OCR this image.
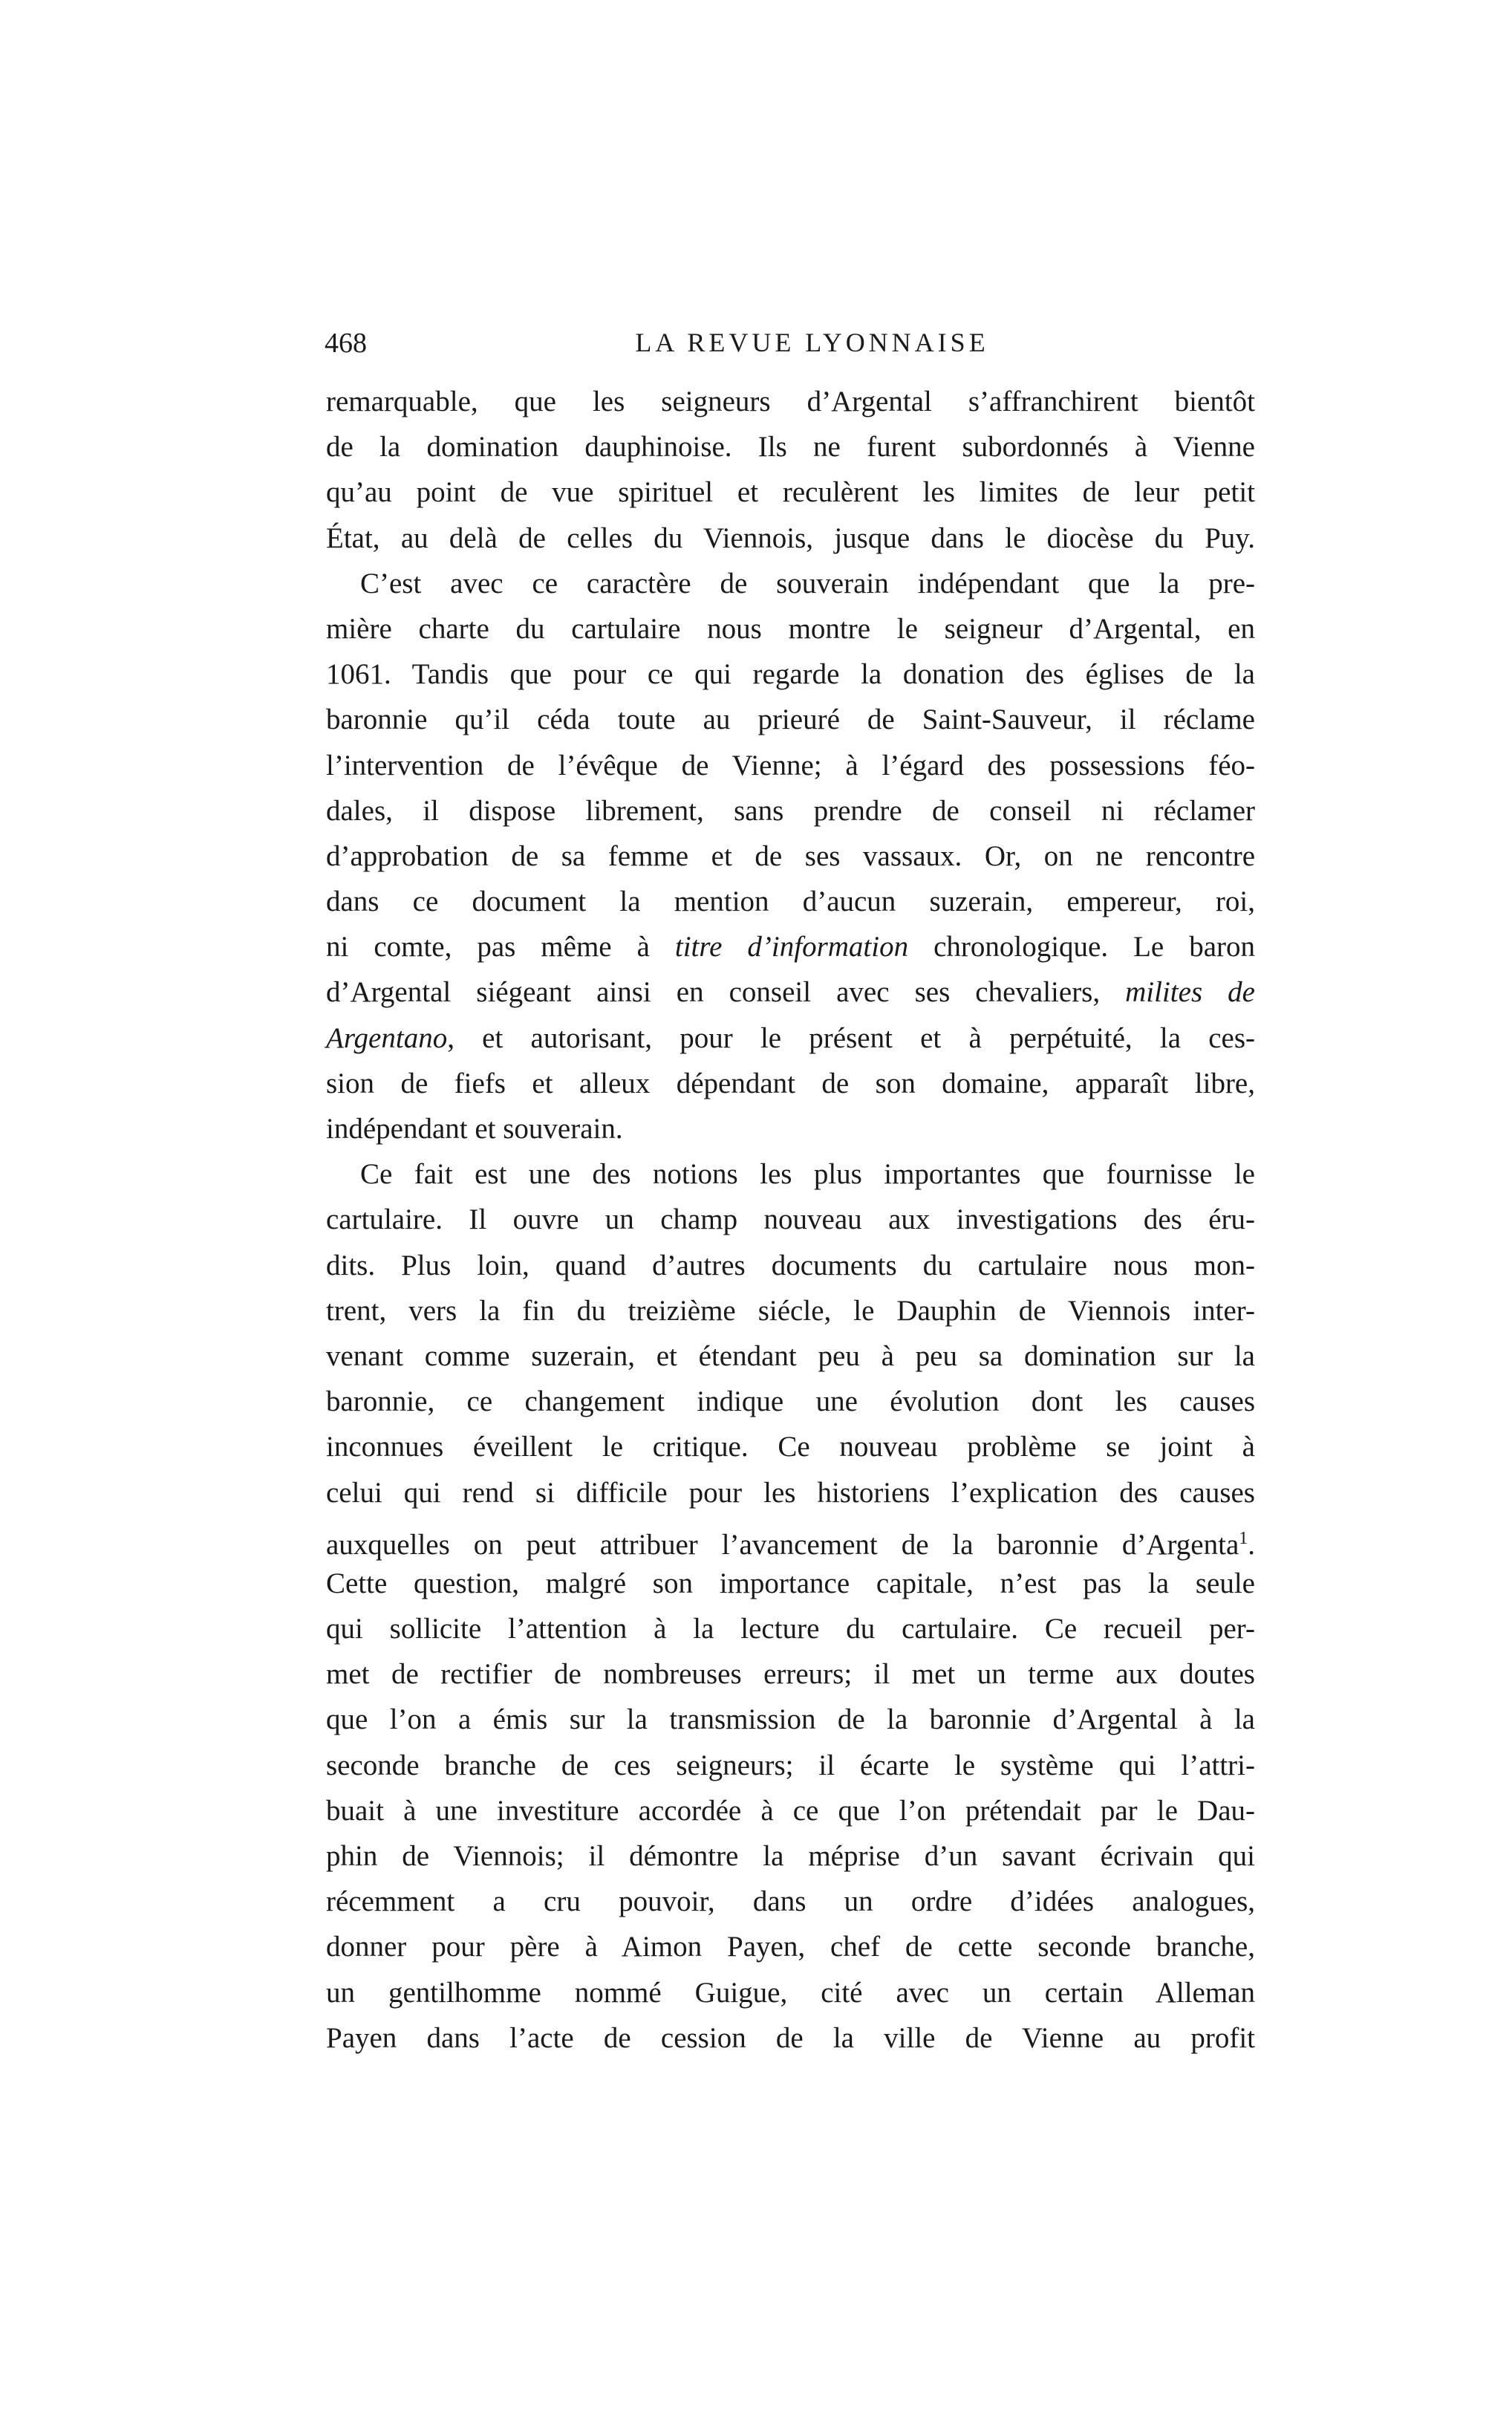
468	LA REVUE LYONNAISE
remarquable, que les seigneurs d’Argental s’affranchirent bientôt
de la domination dauphinoise. Ils ne furent subordonnés à Vienne
qu’au point de vue spirituel et reculèrent les limites de leur petit
État, au delà de celles du Viennois, jusque dans le diocèse du Puy.
C’est avec ce caractère de souverain indépendant que la pre-
mière charte du cartulaire nous montre le seigneur d’Argental, en
1061. Tandis que pour ce qui regarde la donation des églises de la
baronnie qu’il céda toute au prieuré de Saint-Sauveur, il réclame
l’intervention de l’évêque de Vienne; à l’égard des possessions féo-
dales, il dispose librement, sans prendre de conseil ni réclamer
d’approbation de sa femme et de ses vassaux. Or, on ne rencontre
dans ce document la mention d’aucun suzerain, empereur, roi,
ni comte, pas même à titre d’information chronologique. Le baron
d’Argental siégeant ainsi en conseil avec ses chevaliers, milites de
Argentano, et autorisant, pour le présent et à perpétuité, la ces-
sion de fiefs et alleux dépendant de son domaine, apparaît libre,
indépendant et souverain.
Ce fait est une des notions les plus importantes que fournisse le
cartulaire. Il ouvre un champ nouveau aux investigations des éru-
dits. Plus loin, quand d’autres documents du cartulaire nous mon-
trent, vers la fin du treizième siécle, le Dauphin de Viennois inter-
venant comme suzerain, et étendant peu à peu sa domination sur la
baronnie, ce changement indique une évolution dont les causes
inconnues éveillent le critique. Ce nouveau problème se joint à
celui qui rend si difficile pour les historiens l’explication des causes
auxquelles on peut attribuer l’avancement de la baronnie d’Argenta$^1$.
Cette question, malgré son importance capitale, n’est pas la seule
qui sollicite l’attention à la lecture du cartulaire. Ce recueil per-
met de rectifier de nombreuses erreurs; il met un terme aux doutes
que l’on a émis sur la transmission de la baronnie d’Argental à la
seconde branche de ces seigneurs; il écarte le système qui l’attri-
buait à une investiture accordée à ce que l’on prétendait par le Dau-
phin de Viennois; il démontre la méprise d’un savant écrivain qui
récemment a cru pouvoir, dans un ordre d’idées analogues,
donner pour père à Aimon Payen, chef de cette seconde branche,
un gentilhomme nommé Guigue, cité avec un certain Alleman
Payen dans l’acte de cession de la ville de Vienne au profit
